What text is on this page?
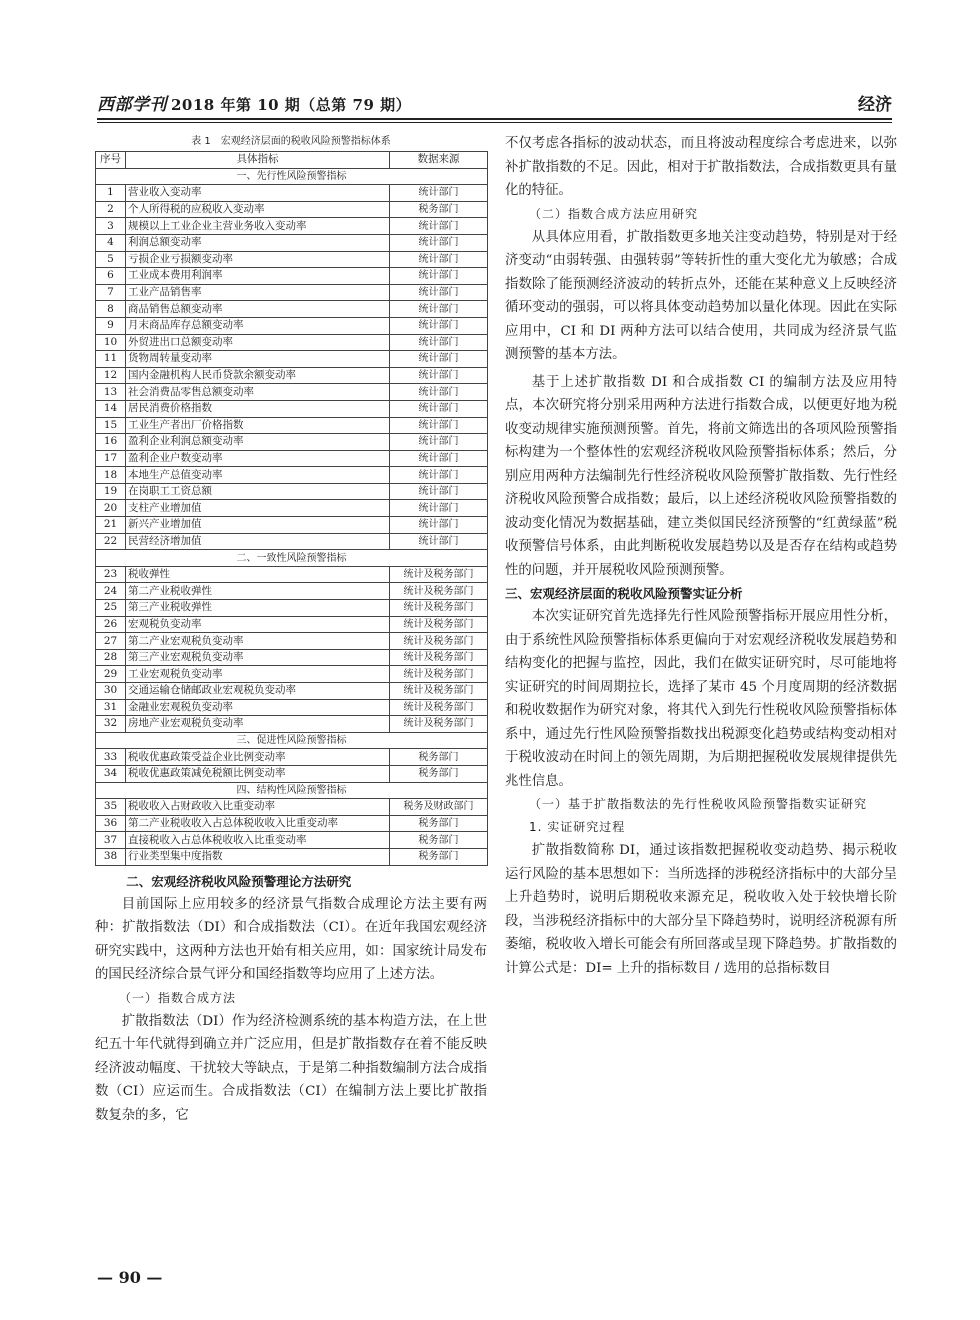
西部学刊 2018 年第 10 期（总第 79 期）	经济
表 1　宏观经济层面的税收风险预警指标体系
序号	具体指标	数据来源
一、先行性风险预警指标		
1	营业收入变动率	统计部门
2	个人所得税的应税收入变动率	税务部门
3	规模以上工业企业主营业务收入变动率	统计部门
4	利润总额变动率	统计部门
5	亏损企业亏损额变动率	统计部门
6	工业成本费用利润率	统计部门
7	工业产品销售率	统计部门
8	商品销售总额变动率	统计部门
9	月末商品库存总额变动率	统计部门
10	外贸进出口总额变动率	统计部门
11	货物周转量变动率	统计部门
12	国内金融机构人民币贷款余额变动率	统计部门
13	社会消费品零售总额变动率	统计部门
14	居民消费价格指数	统计部门
15	工业生产者出厂价格指数	统计部门
16	盈利企业利润总额变动率	统计部门
17	盈利企业户数变动率	统计部门
18	本地生产总值变动率	统计部门
19	在岗职工工资总额	统计部门
20	支柱产业增加值	统计部门
21	新兴产业增加值	统计部门
22	民营经济增加值	统计部门
二、一致性风险预警指标		
23	税收弹性	统计及税务部门
24	第二产业税收弹性	统计及税务部门
25	第三产业税收弹性	统计及税务部门
26	宏观税负变动率	统计及税务部门
27	第二产业宏观税负变动率	统计及税务部门
28	第三产业宏观税负变动率	统计及税务部门
29	工业宏观税负变动率	统计及税务部门
30	交通运输仓储邮政业宏观税负变动率	统计及税务部门
31	金融业宏观税负变动率	统计及税务部门
32	房地产业宏观税负变动率	统计及税务部门
三、促进性风险预警指标		
33	税收优惠政策受益企业比例变动率	税务部门
34	税收优惠政策减免税额比例变动率	税务部门
四、结构性风险预警指标		
35	税收收入占财政收入比重变动率	税务及财政部门
36	第二产业税收收入占总体税收收入比重变动率	税务部门
37	直接税收入占总体税收收入比重变动率	税务部门
38	行业类型集中度指数	税务部门
二、宏观经济税收风险预警理论方法研究

目前国际上应用较多的经济景气指数合成理论方法主要有两种：扩散指数法（DI）和合成指数法（CI）。在近年我国宏观经济研究实践中，这两种方法也开始有相关应用，如：国家统计局发布的国民经济综合景气评分和国经指数等均应用了上述方法。

（一）指数合成方法

扩散指数法（DI）作为经济检测系统的基本构造方法，在上世纪五十年代就得到确立并广泛应用，但是扩散指数存在着不能反映经济波动幅度、干扰较大等缺点，于是第二种指数编制方法合成指数（CI）应运而生。合成指数法（CI）在编制方法上要比扩散指数复杂的多，它

不仅考虑各指标的波动状态，而且将波动程度综合考虑进来，以弥补扩散指数的不足。因此，相对于扩散指数法，合成指数更具有量化的特征。

（二）指数合成方法应用研究

从具体应用看，扩散指数更多地关注变动趋势，特别是对于经济变动“由弱转强、由强转弱”等转折性的重大变化尤为敏感；合成指数除了能预测经济波动的转折点外，还能在某种意义上反映经济循环变动的强弱，可以将具体变动趋势加以量化体现。因此在实际应用中，CI 和 DI 两种方法可以结合使用，共同成为经济景气监测预警的基本方法。

基于上述扩散指数 DI 和合成指数 CI 的编制方法及应用特点，本次研究将分别采用两种方法进行指数合成，以便更好地为税收变动规律实施预测预警。首先，将前文筛选出的各项风险预警指标构建为一个整体性的宏观经济税收风险预警指标体系；然后，分别应用两种方法编制先行性经济税收风险预警扩散指数、先行性经济税收风险预警合成指数；最后，以上述经济税收风险预警指数的波动变化情况为数据基础，建立类似国民经济预警的“红黄绿蓝”税收预警信号体系，由此判断税收发展趋势以及是否存在结构或趋势性的问题，并开展税收风险预测预警。

三、宏观经济层面的税收风险预警实证分析

本次实证研究首先选择先行性风险预警指标开展应用性分析，由于系统性风险预警指标体系更偏向于对宏观经济税收发展趋势和结构变化的把握与监控，因此，我们在做实证研究时，尽可能地将实证研究的时间周期拉长，选择了某市 45 个月度周期的经济数据和税收数据作为研究对象，将其代入到先行性税收风险预警指标体系中，通过先行性风险预警指数找出税源变化趋势或结构变动相对于税收波动在时间上的领先周期，为后期把握税收发展规律提供先兆性信息。

（一）基于扩散指数法的先行性税收风险预警指数实证研究
1. 实证研究过程

扩散指数简称 DI，通过该指数把握税收变动趋势、揭示税收运行风险的基本思想如下：当所选择的涉税经济指标中的大部分呈上升趋势时，说明后期税收来源充足，税收收入处于较快增长阶段，当涉税经济指标中的大部分呈下降趋势时，说明经济税源有所萎缩，税收收入增长可能会有所回落或呈现下降趋势。扩散指数的计算公式是：DI= 上升的指标数目 / 选用的总指标数目

— 90 —
